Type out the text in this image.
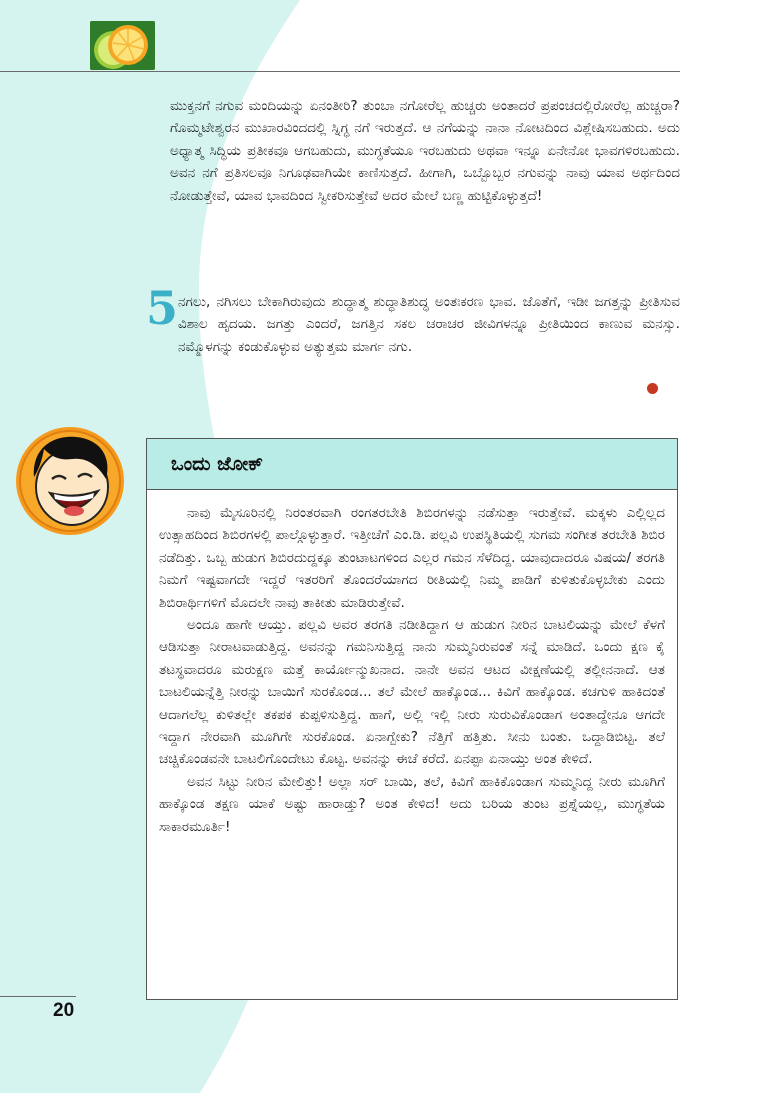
ಮುಕ್ತನಗೆ ನಗುವ ಮಂದಿಯನ್ನು ಏನಂತೀರಿ? ತುಂಬಾ ನಗೋರೆಲ್ಲ ಹುಚ್ಚರು ಅಂತಾದರೆ ಪ್ರಪಂಚದಲ್ಲಿರೋರೆಲ್ಲ ಹುಚ್ಚರಾ? ಗೊಮ್ಮಟೇಶ್ವರನ ಮುಖಾರವಿಂದದಲ್ಲಿ ಸ್ನಿಗ್ಧ ನಗೆ ಇರುತ್ತದೆ. ಆ ನಗೆಯನ್ನು ನಾನಾ ನೋಟದಿಂದ ವಿಶ್ಲೇಷಿಸಬಹುದು. ಅದು ಅಧ್ಯಾತ್ಮ ಸಿದ್ಧಿಯ ಪ್ರತೀಕವೂ ಆಗಬಹುದು, ಮುಗ್ಧತೆಯೂ ಇರಬಹುದು ಅಥವಾ ಇನ್ನೂ ಏನೇನೋ ಭಾವಗಳಿರಬಹುದು. ಅವನ ನಗೆ ಪ್ರತಿಸಲವೂ ನಿಗೂಢವಾಗಿಯೇ ಕಾಣಿಸುತ್ತದೆ. ಹೀಗಾಗಿ, ಒಬ್ಬೊಬ್ಬರ ನಗುವನ್ನು ನಾವು ಯಾವ ಅರ್ಥದಿಂದ ನೋಡುತ್ತೇವೆ, ಯಾವ ಭಾವದಿಂದ ಸ್ವೀಕರಿಸುತ್ತೇವೆ ಅದರ ಮೇಲೆ ಬಣ್ಣ ಹುಟ್ಟಿಕೊಳ್ಳುತ್ತದೆ!

5 ನಗಲು, ನಗಿಸಲು ಬೇಕಾಗಿರುವುದು ಶುದ್ಧಾತ್ಮ ಶುದ್ಧಾತಿಶುದ್ಧ ಅಂತಃಕರಣ ಭಾವ. ಜೊತೆಗೆ, ಇಡೀ ಜಗತ್ತನ್ನು ಪ್ರೀತಿಸುವ ವಿಶಾಲ ಹೃದಯ. ಜಗತ್ತು ಎಂದರೆ, ಜಗತ್ತಿನ ಸಕಲ ಚರಾಚರ ಜೀವಿಗಳನ್ನೂ ಪ್ರೀತಿಯಿಂದ ಕಾಣುವ ಮನಸ್ಸು. ನಮ್ಮೊಳಗನ್ನು ಕಂಡುಕೊಳ್ಳುವ ಅತ್ಯುತ್ತಮ ಮಾರ್ಗ ನಗು.

ಒಂದು ಜೋಕ್

ನಾವು ಮೈಸೂರಿನಲ್ಲಿ ನಿರಂತರವಾಗಿ ರಂಗತರಬೇತಿ ಶಿಬಿರಗಳನ್ನು ನಡೆಸುತ್ತಾ ಇರುತ್ತೇವೆ. ಮಕ್ಕಳು ಎಲ್ಲಿಲ್ಲದ ಉತ್ಸಾಹದಿಂದ ಶಿಬಿರಗಳಲ್ಲಿ ಪಾಲ್ಗೊಳ್ಳುತ್ತಾರೆ. ಇತ್ತೀಚೆಗೆ ಎಂ.ಡಿ. ಪಲ್ಲವಿ ಉಪಸ್ಥಿತಿಯಲ್ಲಿ ಸುಗಮ ಸಂಗೀತ ತರಬೇತಿ ಶಿಬಿರ ನಡೆದಿತ್ತು. ಒಬ್ಬ ಹುಡುಗ ಶಿಬಿರದುದ್ದಕ್ಕೂ ತುಂಟಾಟಗಳಿಂದ ಎಲ್ಲರ ಗಮನ ಸೆಳೆದಿದ್ದ. ಯಾವುದಾದರೂ ವಿಷಯ/ ತರಗತಿ ನಿಮಗೆ ಇಷ್ಟವಾಗದೇ ಇದ್ದರೆ ಇತರರಿಗೆ ತೊಂದರೆಯಾಗದ ರೀತಿಯಲ್ಲಿ ನಿಮ್ಮ ಪಾಡಿಗೆ ಕುಳಿತುಕೊಳ್ಳಬೇಕು ಎಂದು ಶಿಬಿರಾರ್ಥಿಗಳಿಗೆ ಮೊದಲೇ ನಾವು ತಾಕೀತು ಮಾಡಿರುತ್ತೇವೆ.

ಅಂದೂ ಹಾಗೇ ಆಯ್ತು. ಪಲ್ಲವಿ ಅವರ ತರಗತಿ ನಡೀತಿದ್ದಾಗ ಆ ಹುಡುಗ ನೀರಿನ ಬಾಟಲಿಯನ್ನು ಮೇಲೆ ಕೆಳಗೆ ಆಡಿಸುತ್ತಾ ನೀರಾಟವಾಡುತ್ತಿದ್ದ. ಅವನನ್ನು ಗಮನಿಸುತ್ತಿದ್ದ ನಾನು ಸುಮ್ಮನಿರುವಂತೆ ಸನ್ನೆ ಮಾಡಿದೆ. ಒಂದು ಕ್ಷಣ ಕೈ ತಟಸ್ಥವಾದರೂ ಮರುಕ್ಷಣ ಮತ್ತೆ ಕಾರ್ಯೋನ್ಮುಖನಾದ. ನಾನೇ ಅವನ ಆಟದ ವೀಕ್ಷಣೆಯಲ್ಲಿ ತಲ್ಲೀನನಾದೆ. ಆತ ಬಾಟಲಿಯನ್ನೆತ್ತಿ ನೀರನ್ನು ಬಾಯಿಗೆ ಸುರಕೊಂಡ... ತಲೆ ಮೇಲೆ ಹಾಕ್ಕೊಂಡ... ಕಿವಿಗೆ ಹಾಕ್ಕೊಂಡ. ಕಚಗುಳಿ ಹಾಕಿದಂತೆ ಆದಾಗಲೆಲ್ಲ ಕುಳಿತಲ್ಲೇ ತಕಪಕ ಕುಪ್ಪಳಿಸುತ್ತಿದ್ದ. ಹಾಗೆ, ಅಲ್ಲಿ ಇಲ್ಲಿ ನೀರು ಸುರುವಿಕೊಂಡಾಗ ಅಂತಾದ್ದೇನೂ ಆಗದೇ ಇದ್ದಾಗ ನೇರವಾಗಿ ಮೂಗಿಗೇ ಸುರಕೊಂಡ. ಏನಾಗ್ಬೇಕು? ನೆತ್ತಿಗೆ ಹತ್ತಿತು. ಸೀನು ಬಂತು. ಒದ್ದಾಡಿಬಿಟ್ಟ. ತಲೆ ಚಚ್ಚಿಕೊಂಡವನೇ ಬಾಟಲಿಗೊಂದೇಟು ಕೊಟ್ಟ. ಅವನನ್ನು ಈಚೆ ಕರೆದೆ. ಏನಪ್ಪಾ ಏನಾಯ್ತು ಅಂತ ಕೇಳಿದೆ.

ಅವನ ಸಿಟ್ಟು ನೀರಿನ ಮೇಲಿತ್ತು! ಅಲ್ಲಾ ಸರ್ ಬಾಯಿ, ತಲೆ, ಕಿವಿಗೆ ಹಾಕಿಕೊಂಡಾಗ ಸುಮ್ಮನಿದ್ದ ನೀರು ಮೂಗಿಗೆ ಹಾಕ್ಕೊಂಡ ತಕ್ಷಣ ಯಾಕೆ ಅಷ್ಟು ಹಾರಾಡ್ತು? ಅಂತ ಕೇಳಿದ! ಅದು ಬರಿಯ ತುಂಟ ಪ್ರಶ್ನೆಯಲ್ಲ, ಮುಗ್ಧತೆಯ ಸಾಕಾರಮೂರ್ತಿ!

20
